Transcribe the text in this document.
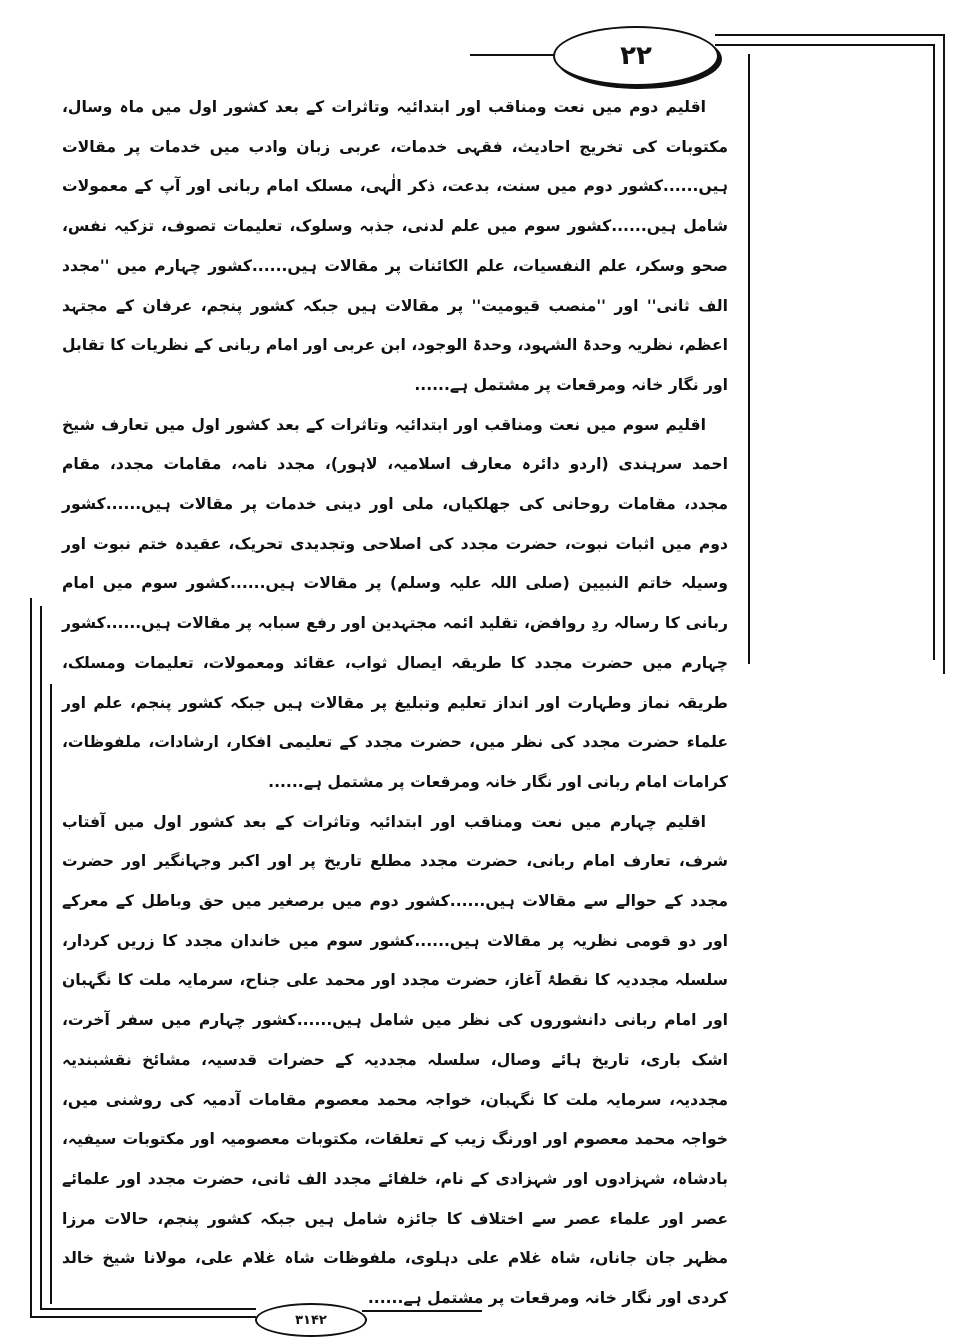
۲۲

اقلیم دوم میں نعت ومناقب اور ابتدائیہ وتاثرات کے بعد کشور اول میں ماہ وسال، مکتوبات کی تخریج احادیث، فقہی خدمات، عربی زبان وادب میں خدمات پر مقالات ہیں......کشور دوم میں سنت، بدعت، ذکر الٰہی، مسلک امام ربانی اور آپ کے معمولات شامل ہیں......کشور سوم میں علم لدنی، جذبہ وسلوک، تعلیمات تصوف، تزکیہ نفس، صحو وسکر، علم النفسیات، علم الکائنات پر مقالات ہیں......کشور چہارم میں ''مجدد الف ثانی'' اور ''منصب قیومیت'' پر مقالات ہیں جبکہ کشور پنجم، عرفان کے مجتہد اعظم، نظریہ وحدۃ الشہود، وحدۃ الوجود، ابن عربی اور امام ربانی کے نظریات کا تقابل اور نگار خانہ ومرقعات پر مشتمل ہے......

اقلیم سوم میں نعت ومناقب اور ابتدائیہ وتاثرات کے بعد کشور اول میں تعارف شیخ احمد سرہندی (اردو دائرہ معارف اسلامیہ، لاہور)، مجدد نامہ، مقامات مجدد، مقام مجدد، مقامات روحانی کی جھلکیاں، ملی اور دینی خدمات پر مقالات ہیں......کشور دوم میں اثبات نبوت، حضرت مجدد کی اصلاحی وتجدیدی تحریک، عقیدہ ختم نبوت اور وسیلہ خاتم النبیین (صلی اللہ علیہ وسلم) پر مقالات ہیں......کشور سوم میں امام ربانی کا رسالہ ردِ روافض، تقلید ائمہ مجتہدین اور رفع سبابہ پر مقالات ہیں......کشور چہارم میں حضرت مجدد کا طریقہ ایصال ثواب، عقائد ومعمولات، تعلیمات ومسلک، طریقہ نماز وطہارت اور انداز تعلیم وتبلیغ پر مقالات ہیں جبکہ کشور پنجم، علم اور علماء حضرت مجدد کی نظر میں، حضرت مجدد کے تعلیمی افکار، ارشادات، ملفوظات، کرامات امام ربانی اور نگار خانہ ومرقعات پر مشتمل ہے......

اقلیم چہارم میں نعت ومناقب اور ابتدائیہ وتاثرات کے بعد کشور اول میں آفتاب شرف، تعارف امام ربانی، حضرت مجدد مطلع تاریخ پر اور اکبر وجہانگیر اور حضرت مجدد کے حوالے سے مقالات ہیں......کشور دوم میں برصغیر میں حق وباطل کے معرکے اور دو قومی نظریہ پر مقالات ہیں......کشور سوم میں خاندان مجدد کا زریں کردار، سلسلہ مجددیہ کا نقطۂ آغاز، حضرت مجدد اور محمد علی جناح، سرمایہ ملت کا نگہبان اور امام ربانی دانشوروں کی نظر میں شامل ہیں......کشور چہارم میں سفر آخرت، اشک باری، تاریخ ہائے وصال، سلسلہ مجددیہ کے حضرات قدسیہ، مشائخ نقشبندیہ مجددیہ، سرمایہ ملت کا نگہبان، خواجہ محمد معصوم مقامات آدمیہ کی روشنی میں، خواجہ محمد معصوم اور اورنگ زیب کے تعلقات، مکتوبات معصومیہ اور مکتوبات سیفیہ، بادشاہ، شہزادوں اور شہزادی کے نام، خلفائے مجدد الف ثانی، حضرت مجدد اور علمائے عصر اور علماء عصر سے اختلاف کا جائزہ شامل ہیں جبکہ کشور پنجم، حالات مرزا مظہر جان جاناں، شاہ غلام علی دہلوی، ملفوظات شاہ غلام علی، مولانا شیخ خالد کردی اور نگار خانہ ومرقعات پر مشتمل ہے......

۳۱۴۲
